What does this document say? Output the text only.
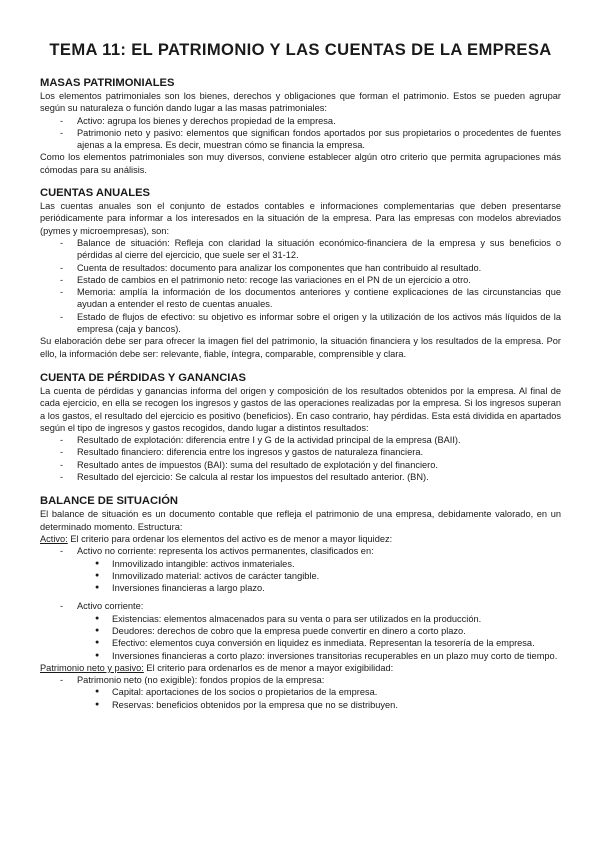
TEMA 11: EL PATRIMONIO Y LAS CUENTAS DE LA EMPRESA
MASAS PATRIMONIALES

Los elementos patrimoniales son los bienes, derechos y obligaciones que forman el patrimonio. Estos se pueden agrupar según su naturaleza o función dando lugar a las masas patrimoniales:

- Activo: agrupa los bienes y derechos propiedad de la empresa.
- Patrimonio neto y pasivo: elementos que significan fondos aportados por sus propietarios o procedentes de fuentes ajenas a la empresa. Es decir, muestran cómo se financia la empresa.

Como los elementos patrimoniales son muy diversos, conviene establecer algún otro criterio que permita agrupaciones más cómodas para su análisis.

CUENTAS ANUALES

Las cuentas anuales son el conjunto de estados contables e informaciones complementarias que deben presentarse periódicamente para informar a los interesados en la situación de la empresa. Para las empresas con modelos abreviados (pymes y microempresas), son:

- Balance de situación: Refleja con claridad la situación económico-financiera de la empresa y sus beneficios o pérdidas al cierre del ejercicio, que suele ser el 31-12.
- Cuenta de resultados: documento para analizar los componentes que han contribuido al resultado.
- Estado de cambios en el patrimonio neto: recoge las variaciones en el PN de un ejercicio a otro.
- Memoria: amplía la información de los documentos anteriores y contiene explicaciones de las circunstancias que ayudan a entender el resto de cuentas anuales.
- Estado de flujos de efectivo: su objetivo es informar sobre el origen y la utilización de los activos más líquidos de la empresa (caja y bancos).

Su elaboración debe ser para ofrecer la imagen fiel del patrimonio, la situación financiera y los resultados de la empresa. Por ello, la información debe ser: relevante, fiable, íntegra, comparable, comprensible y clara.

CUENTA DE PÉRDIDAS Y GANANCIAS

La cuenta de pérdidas y ganancias informa del origen y composición de los resultados obtenidos por la empresa. Al final de cada ejercicio, en ella se recogen los ingresos y gastos de las operaciones realizadas por la empresa. Si los ingresos superan a los gastos, el resultado del ejercicio es positivo (beneficios). En caso contrario, hay pérdidas. Esta está dividida en apartados según el tipo de ingresos y gastos recogidos, dando lugar a distintos resultados:

- Resultado de explotación: diferencia entre I y G de la actividad principal de la empresa (BAII).
- Resultado financiero: diferencia entre los ingresos y gastos de naturaleza financiera.
- Resultado antes de impuestos (BAI): suma del resultado de explotación y del financiero.
- Resultado del ejercicio: Se calcula al restar los impuestos del resultado anterior. (BN).
BALANCE DE SITUACIÓN

El balance de situación es un documento contable que refleja el patrimonio de una empresa, debidamente valorado, en un determinado momento. Estructura:

Activo: El criterio para ordenar los elementos del activo es de menor a mayor liquidez:

- Activo no corriente: representa los activos permanentes, clasificados en:
● Inmovilizado intangible: activos inmateriales.
● Inmovilizado material: activos de carácter tangible.
● Inversiones financieras a largo plazo.
- Activo corriente:
● Existencias: elementos almacenados para su venta o para ser utilizados en la producción.
● Deudores: derechos de cobro que la empresa puede convertir en dinero a corto plazo.
● Efectivo: elementos cuya conversión en liquidez es inmediata. Representan la tesorería de la empresa.
● Inversiones financieras a corto plazo: inversiones transitorias recuperables en un plazo muy corto de tiempo.

Patrimonio neto y pasivo: El criterio para ordenarlos es de menor a mayor exigibilidad:

- Patrimonio neto (no exigible): fondos propios de la empresa:
● Capital: aportaciones de los socios o propietarios de la empresa.
● Reservas: beneficios obtenidos por la empresa que no se distribuyen.
